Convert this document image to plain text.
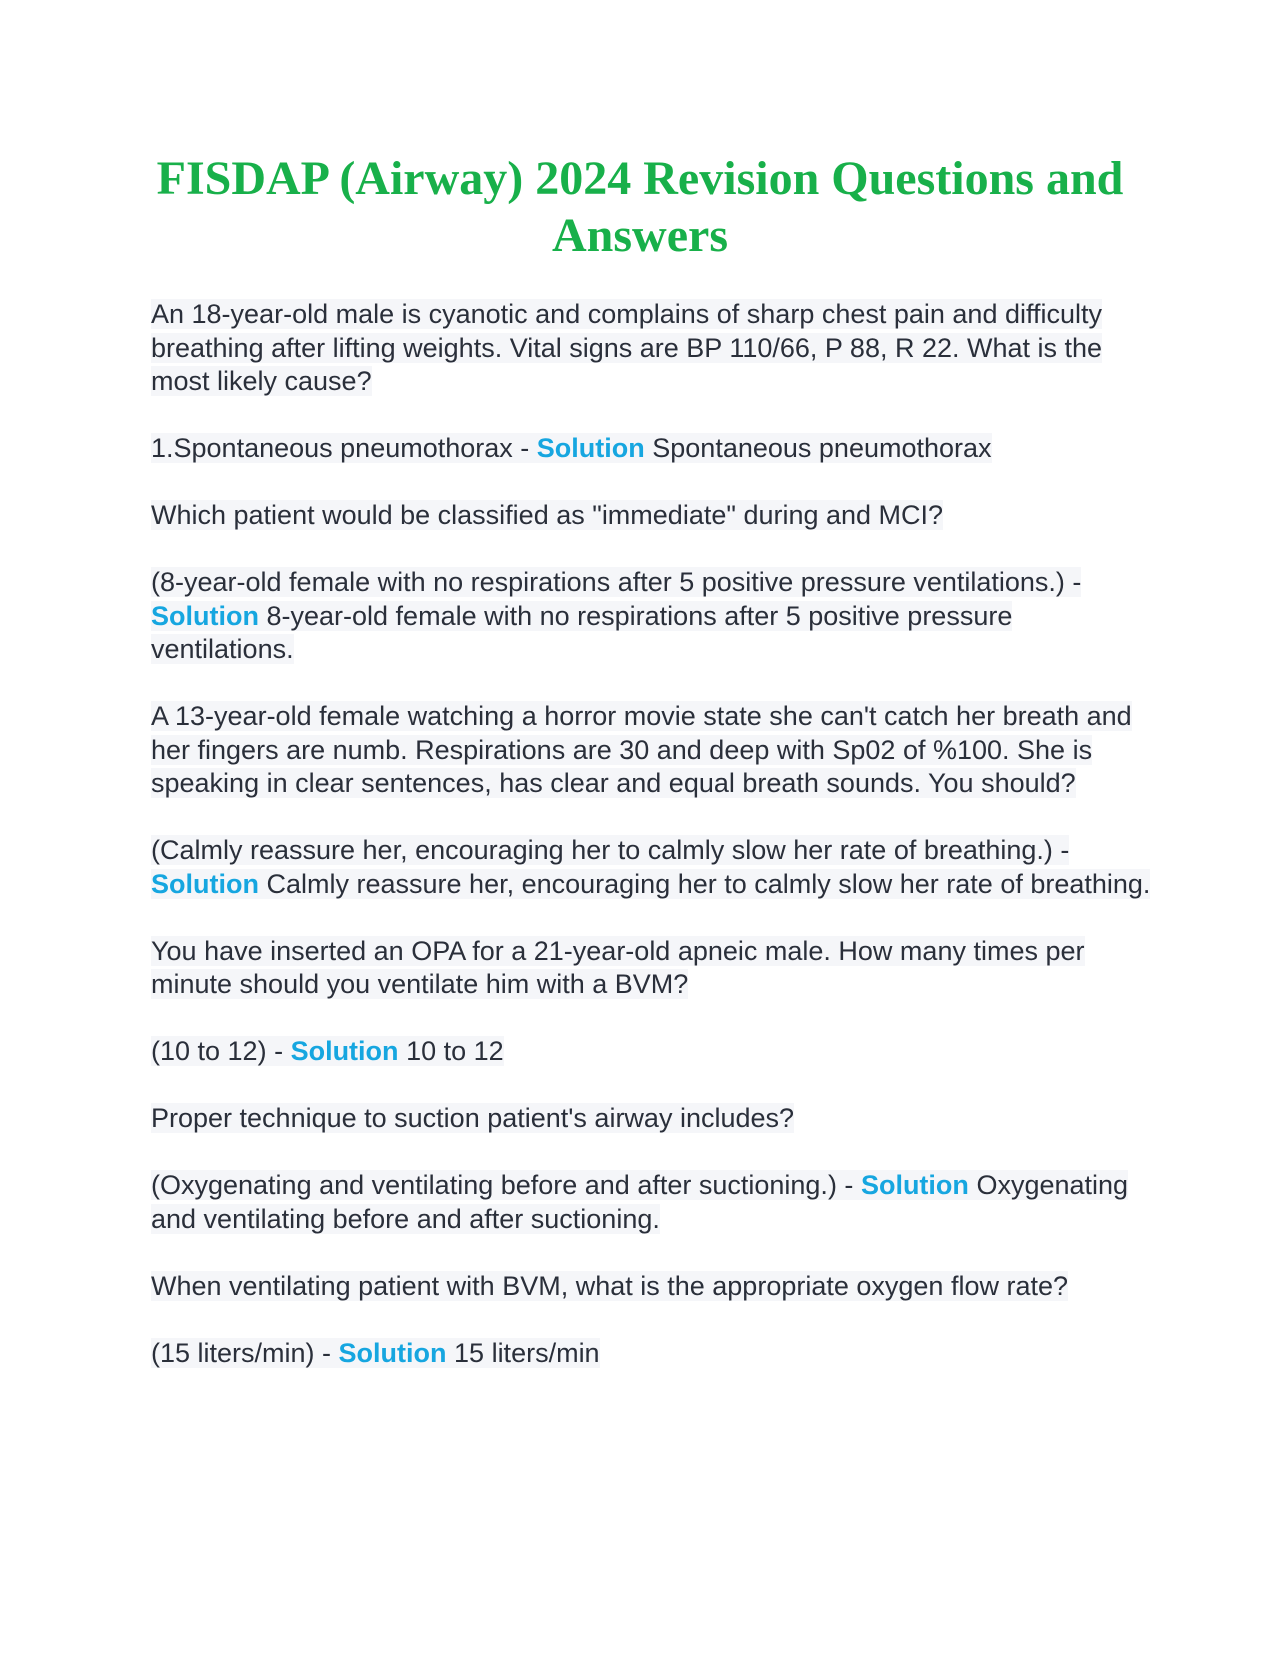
FISDAP (Airway) 2024 Revision Questions and Answers

An 18-year-old male is cyanotic and complains of sharp chest pain and difficulty breathing after lifting weights. Vital signs are BP 110/66, P 88, R 22. What is the most likely cause?

1.Spontaneous pneumothorax - Solution Spontaneous pneumothorax

Which patient would be classified as "immediate" during and MCI?

(8-year-old female with no respirations after 5 positive pressure ventilations.) - Solution 8-year-old female with no respirations after 5 positive pressure ventilations.

A 13-year-old female watching a horror movie state she can't catch her breath and her fingers are numb. Respirations are 30 and deep with Sp02 of %100. She is speaking in clear sentences, has clear and equal breath sounds. You should?

(Calmly reassure her, encouraging her to calmly slow her rate of breathing.) - Solution Calmly reassure her, encouraging her to calmly slow her rate of breathing.

You have inserted an OPA for a 21-year-old apneic male. How many times per minute should you ventilate him with a BVM?

(10 to 12) - Solution 10 to 12

Proper technique to suction patient's airway includes?

(Oxygenating and ventilating before and after suctioning.) - Solution Oxygenating and ventilating before and after suctioning.

When ventilating patient with BVM, what is the appropriate oxygen flow rate?

(15 liters/min) - Solution 15 liters/min
